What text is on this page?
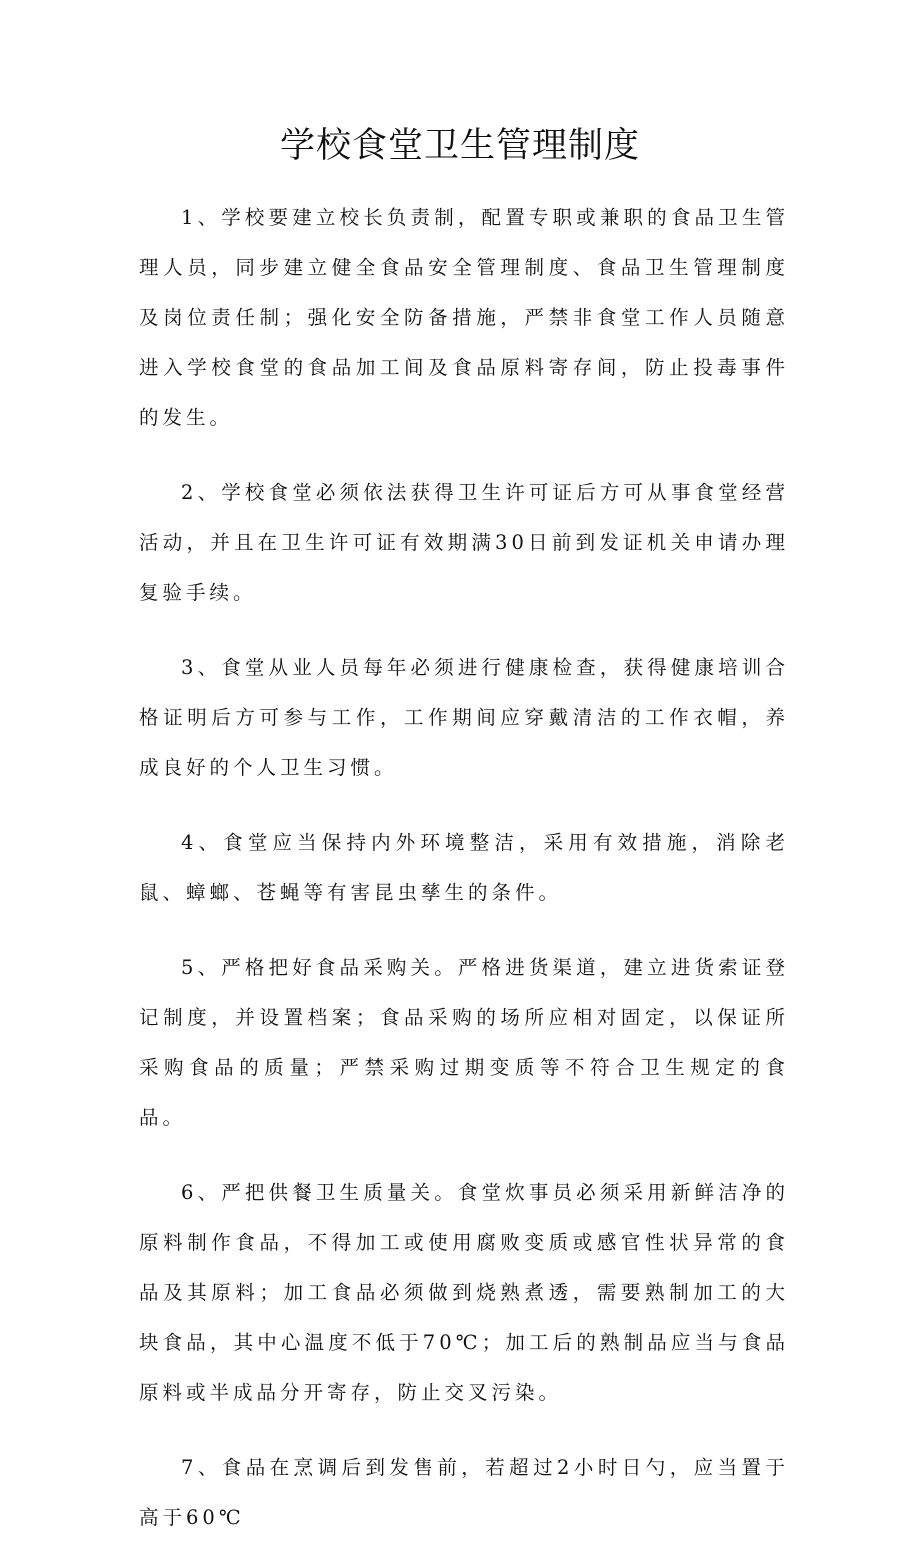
学校食堂卫生管理制度

1、学校要建立校长负责制，配置专职或兼职的食品卫生管理人员，同步建立健全食品安全管理制度、食品卫生管理制度及岗位责任制；强化安全防备措施，严禁非食堂工作人员随意进入学校食堂的食品加工间及食品原料寄存间，防止投毒事件的发生。

2、学校食堂必须依法获得卫生许可证后方可从事食堂经营活动，并且在卫生许可证有效期满30日前到发证机关申请办理复验手续。

3、食堂从业人员每年必须进行健康检查，获得健康培训合格证明后方可参与工作，工作期间应穿戴清洁的工作衣帽，养成良好的个人卫生习惯。

4、食堂应当保持内外环境整洁，采用有效措施，消除老鼠、蟑螂、苍蝇等有害昆虫孳生的条件。

5、严格把好食品采购关。严格进货渠道，建立进货索证登记制度，并设置档案；食品采购的场所应相对固定，以保证所采购食品的质量；严禁采购过期变质等不符合卫生规定的食品。

6、严把供餐卫生质量关。食堂炊事员必须采用新鲜洁净的原料制作食品，不得加工或使用腐败变质或感官性状异常的食品及其原料；加工食品必须做到烧熟煮透，需要熟制加工的大块食品，其中心温度不低于70℃；加工后的熟制品应当与食品原料或半成品分开寄存，防止交叉污染。

7、食品在烹调后到发售前，若超过2小时日勺，应当置于高于60℃
